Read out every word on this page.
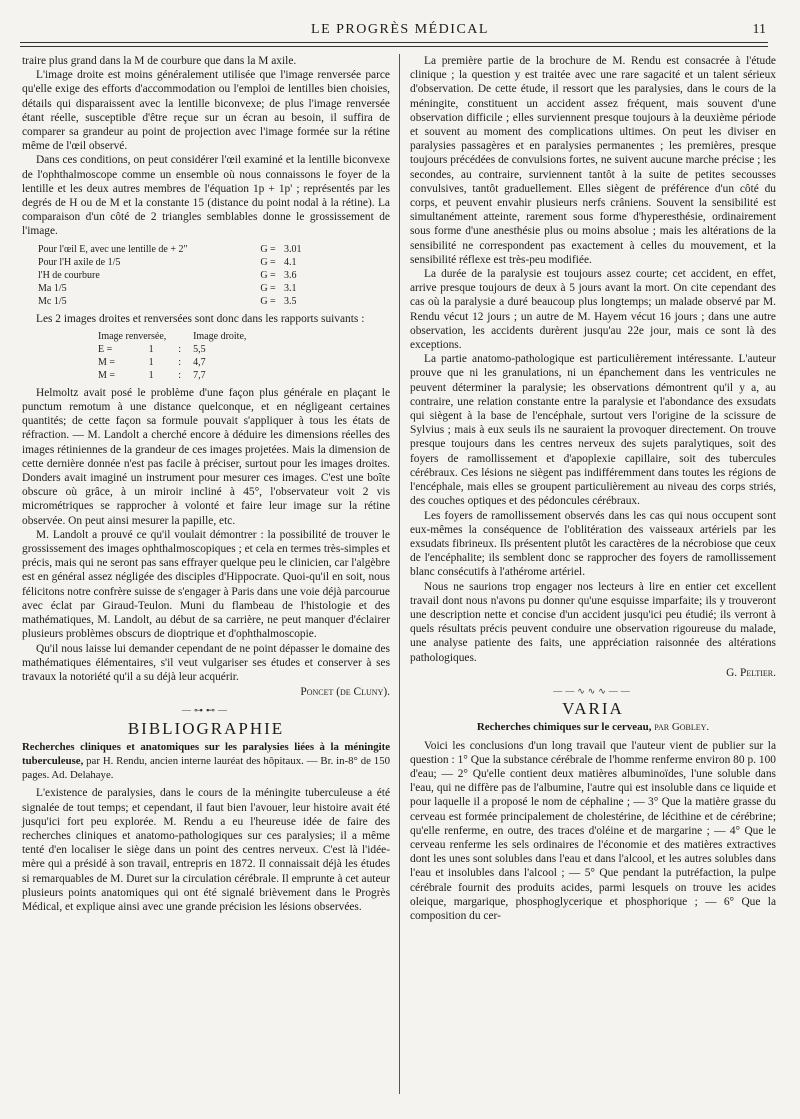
LE PROGRÈS MÉDICAL	11

traire plus grand dans la M de courbure que dans la M axile.

L'image droite est moins généralement utilisée que l'image renversée parce qu'elle exige des efforts d'accommodation ou l'emploi de lentilles bien choisies, détails qui disparaissent avec la lentille biconvexe; de plus l'image renversée étant réelle, susceptible d'être reçue sur un écran au besoin, il suffira de comparer sa grandeur au point de projection avec l'image formée sur la rétine même de l'œil observé.

Dans ces conditions, on peut considérer l'œil examiné et la lentille biconvexe de l'ophthalmoscope comme un ensemble où nous connaissons le foyer de la lentille et les deux autres membres de l'équation 1p + 1p' ; représentés par les degrés de H ou de M et la constante 15 (distance du point nodal à la rétine). La comparaison d'un côté de 2 triangles semblables donne le grossissement de l'image.

Pour l'œil E, avec une lentille de + 2"	G =	3.01
Pour l'H axile de 1/5	G =	4.1
l'H de courbure	G =	3.6
Ma 1/5	G =	3.1
Mc 1/5	G =	3.5

Les 2 images droites et renversées sont donc dans les rapports suivants :

Image renversée,			Image droite,
E =	1	:	5,5
M =	1	:	4,7
M =	1	:	7,7

Helmoltz avait posé le problème d'une façon plus générale en plaçant le punctum remotum à une distance quelconque, et en négligeant certaines quantités; de cette façon sa formule pouvait s'appliquer à tous les états de réfraction. — M. Landolt a cherché encore à déduire les dimensions réelles des images rétiniennes de la grandeur de ces images projetées. Mais la dimension de cette dernière donnée n'est pas facile à préciser, surtout pour les images droites. Donders avait imaginé un instrument pour mesurer ces images. C'est une boîte obscure où grâce, à un miroir incliné à 45°, l'observateur voit 2 vis micrométriques se rapprocher à volonté et faire leur image sur la rétine observée. On peut ainsi mesurer la papille, etc.

M. Landolt a prouvé ce qu'il voulait démontrer : la possibilité de trouver le grossissement des images ophthalmoscopiques ; et cela en termes très-simples et précis, mais qui ne seront pas sans effrayer quelque peu le clinicien, car l'algèbre est en général assez négligée des disciples d'Hippocrate. Quoi-qu'il en soit, nous félicitons notre confrère suisse de s'engager à Paris dans une voie déjà parcourue avec éclat par Giraud-Teulon. Muni du flambeau de l'histologie et des mathématiques, M. Landolt, au début de sa carrière, ne peut manquer d'éclairer plusieurs problèmes obscurs de dioptrique et d'ophthalmoscopie.

Qu'il nous laisse lui demander cependant de ne point dépasser le domaine des mathématiques élémentaires, s'il veut vulgariser ses études et conserver à ses travaux la notoriété qu'il a su déjà leur acquérir.

Poncet (de Cluny).
—⊶⊷—
BIBLIOGRAPHIE

Recherches cliniques et anatomiques sur les paralysies liées à la méningite tuberculeuse, par H. Rendu, ancien interne lauréat des hôpitaux. — Br. in-8° de 150 pages. Ad. Delahaye.

L'existence de paralysies, dans le cours de la méningite tuberculeuse a été signalée de tout temps; et cependant, il faut bien l'avouer, leur histoire avait été jusqu'ici fort peu explorée. M. Rendu a eu l'heureuse idée de faire des recherches cliniques et anatomo-pathologiques sur ces paralysies; il a même tenté d'en localiser le siège dans un point des centres nerveux. C'est là l'idée-mère qui a présidé à son travail, entrepris en 1872. Il connaissait déjà les études si remarquables de M. Duret sur la circulation cérébrale. Il emprunte à cet auteur plusieurs points anatomiques qui ont été signalé brièvement dans le Progrès Médical, et explique ainsi avec une grande précision les lésions observées.

La première partie de la brochure de M. Rendu est consacrée à l'étude clinique ; la question y est traitée avec une rare sagacité et un talent sérieux d'observation. De cette étude, il ressort que les paralysies, dans le cours de la méningite, constituent un accident assez fréquent, mais souvent d'une observation difficile ; elles surviennent presque toujours à la deuxième période et souvent au moment des complications ultimes. On peut les diviser en paralysies passagères et en paralysies permanentes ; les premières, presque toujours précédées de convulsions fortes, ne suivent aucune marche précise ; les secondes, au contraire, surviennent tantôt à la suite de petites secousses convulsives, tantôt graduellement. Elles siègent de préférence d'un côté du corps, et peuvent envahir plusieurs nerfs crâniens. Souvent la sensibilité est simultanément atteinte, rarement sous forme d'hyperesthésie, ordinairement sous forme d'une anesthésie plus ou moins absolue ; mais les altérations de la sensibilité ne correspondent pas exactement à celles du mouvement, et la sensibilité réflexe est très-peu modifiée.

La durée de la paralysie est toujours assez courte; cet accident, en effet, arrive presque toujours de deux à 5 jours avant la mort. On cite cependant des cas où la paralysie a duré beaucoup plus longtemps; un malade observé par M. Rendu vécut 12 jours ; un autre de M. Hayem vécut 16 jours ; dans une autre observation, les accidents durèrent jusqu'au 22e jour, mais ce sont là des exceptions.

La partie anatomo-pathologique est particulièrement intéressante. L'auteur prouve que ni les granulations, ni un épanchement dans les ventricules ne peuvent déterminer la paralysie; les observations démontrent qu'il y a, au contraire, une relation constante entre la paralysie et l'abondance des exsudats qui siègent à la base de l'encéphale, surtout vers l'origine de la scissure de Sylvius ; mais à eux seuls ils ne sauraient la provoquer directement. On trouve presque toujours dans les centres nerveux des sujets paralytiques, soit des foyers de ramollissement et d'apoplexie capillaire, soit des tubercules cérébraux. Ces lésions ne siègent pas indifféremment dans toutes les régions de l'encéphale, mais elles se groupent particulièrement au niveau des corps striés, des couches optiques et des pédoncules cérébraux.

Les foyers de ramollissement observés dans les cas qui nous occupent sont eux-mêmes la conséquence de l'oblitération des vaisseaux artériels par les exsudats fibrineux. Ils présentent plutôt les caractères de la nécrobiose que ceux de l'encéphalite; ils semblent donc se rapprocher des foyers de ramollissement blanc consécutifs à l'athérome artériel.

Nous ne saurions trop engager nos lecteurs à lire en entier cet excellent travail dont nous n'avons pu donner qu'une esquisse imparfaite; ils y trouveront une description nette et concise d'un accident jusqu'ici peu étudié; ils verront à quels résultats précis peuvent conduire une observation rigoureuse du malade, une analyse patiente des faits, une appréciation raisonnée des altérations pathologiques.

G. Peltier.
——∿∿∿——
VARIA
Recherches chimiques sur le cerveau, par Gobley.

Voici les conclusions d'un long travail que l'auteur vient de publier sur la question : 1° Que la substance cérébrale de l'homme renferme environ 80 p. 100 d'eau; — 2° Qu'elle contient deux matières albuminoïdes, l'une soluble dans l'eau, qui ne diffère pas de l'albumine, l'autre qui est insoluble dans ce liquide et pour laquelle il a proposé le nom de céphaline ; — 3° Que la matière grasse du cerveau est formée principalement de cholestérine, de lécithine et de cérébrine; qu'elle renferme, en outre, des traces d'oléine et de margarine ; — 4° Que le cerveau renferme les sels ordinaires de l'économie et des matières extractives dont les unes sont solubles dans l'eau et dans l'alcool, et les autres solubles dans l'eau et insolubles dans l'alcool ; — 5° Que pendant la putréfaction, la pulpe cérébrale fournit des produits acides, parmi lesquels on trouve les acides oleique, margarique, phosphoglycerique et phosphorique ; — 6° Que la composition du cer-
